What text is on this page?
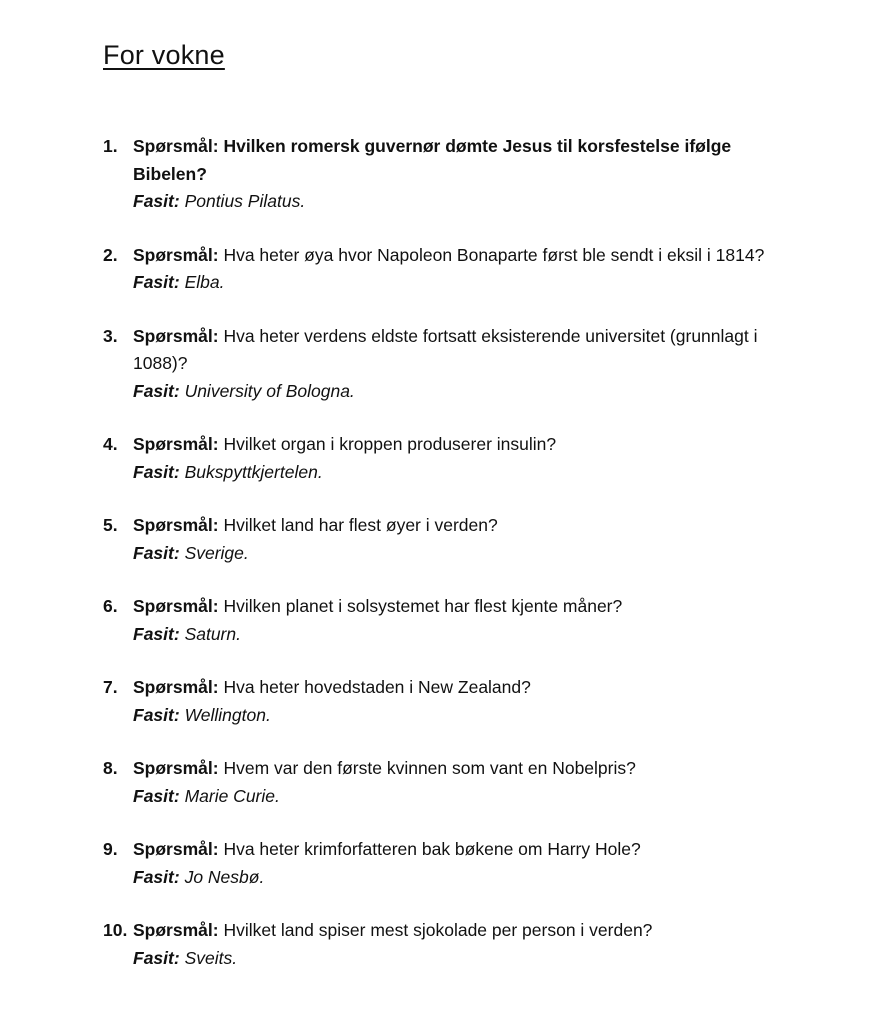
For vokne
1. Spørsmål: Hvilken romersk guvernør dømte Jesus til korsfestelse ifølge Bibelen?

Fasit: Pontius Pilatus.

2. Spørsmål: Hva heter øya hvor Napoleon Bonaparte først ble sendt i eksil i 1814?

Fasit: Elba.

3. Spørsmål: Hva heter verdens eldste fortsatt eksisterende universitet (grunnlagt i 1088)?

Fasit: University of Bologna.

4. Spørsmål: Hvilket organ i kroppen produserer insulin?

Fasit: Bukspyttkjertelen.

5. Spørsmål: Hvilket land har flest øyer i verden?

Fasit: Sverige.

6. Spørsmål: Hvilken planet i solsystemet har flest kjente måner?

Fasit: Saturn.

7. Spørsmål: Hva heter hovedstaden i New Zealand?

Fasit: Wellington.

8. Spørsmål: Hvem var den første kvinnen som vant en Nobelpris?

Fasit: Marie Curie.

9. Spørsmål: Hva heter krimforfatteren bak bøkene om Harry Hole?

Fasit: Jo Nesbø.

10. Spørsmål: Hvilket land spiser mest sjokolade per person i verden?

Fasit: Sveits.
